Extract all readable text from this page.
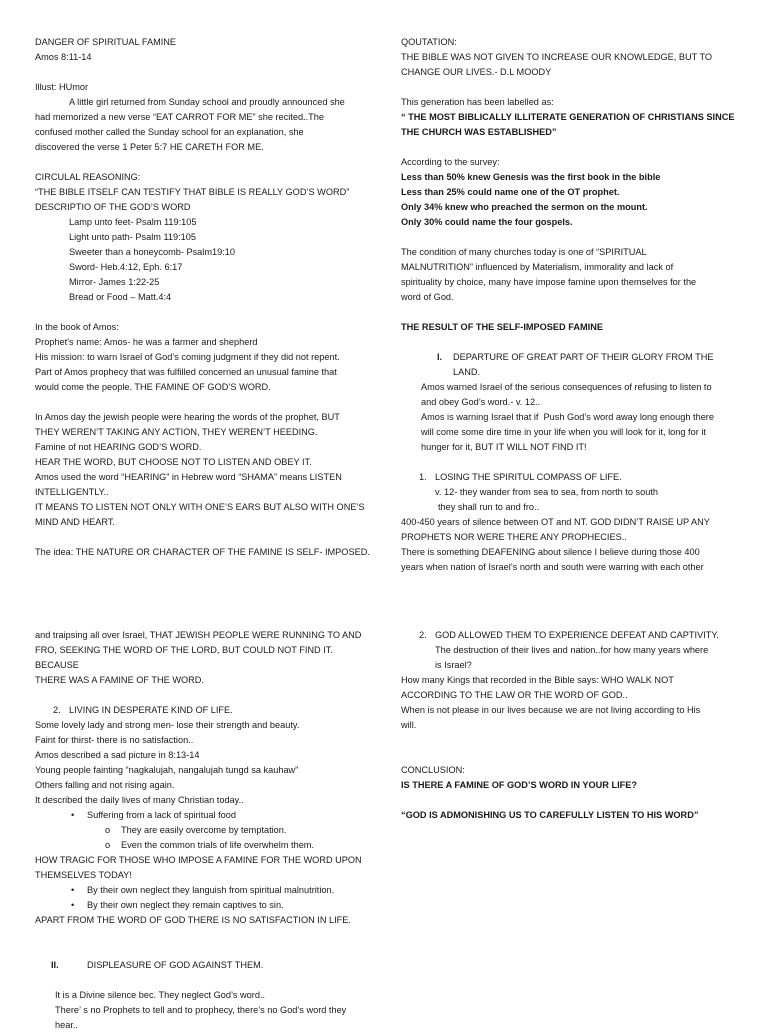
DANGER OF SPIRITUAL FAMINE

Amos 8:11-14

Illust: HUmor

A little girl returned from Sunday school and proudly announced she

had memorized a new verse “EAT CARROT FOR ME” she recited..The

confused mother called the Sunday school for an explanation, she

discovered the verse 1 Peter 5:7 HE CARETH FOR ME.

CIRCULAL REASONING:

“THE BIBLE ITSELF CAN TESTIFY THAT BIBLE IS REALLY GOD’S WORD”

DESCRIPTIO OF THE GOD’S WORD

Lamp unto feet- Psalm 119:105

Light unto path- Psalm 119:105

Sweeter than a honeycomb- Psalm19:10

Sword- Heb.4:12, Eph. 6:17

Mirror- James 1:22-25

Bread or Food – Matt.4:4

In the book of Amos:

Prophet’s name: Amos- he was a farmer and shepherd

His mission: to warn Israel of God’s coming judgment if they did not repent.

Part of Amos prophecy that was fulfilled concerned an unusual famine that

would come the people. THE FAMINE OF GOD’S WORD.

In Amos day the jewish people were hearing the words of the prophet, BUT

THEY WEREN’T TAKING ANY ACTION, THEY WEREN’T HEEDING.

Famine of not HEARING GOD’S WORD.

HEAR THE WORD, BUT CHOOSE NOT TO LISTEN AND OBEY IT.

Amos used the word “HEARING” in Hebrew word “SHAMA” means LISTEN

INTELLIGENTLY..

IT MEANS TO LISTEN NOT ONLY WITH ONE’S EARS BUT ALSO WITH ONE’S

MIND AND HEART.

The idea: THE NATURE OR CHARACTER OF THE FAMINE IS SELF- IMPOSED.

QOUTATION:

THE BIBLE WAS NOT GIVEN TO INCREASE OUR KNOWLEDGE, BUT TO

CHANGE OUR LIVES.- D.L MOODY

This generation has been labelled as:

“ THE MOST BIBLICALLY ILLITERATE GENERATION OF CHRISTIANS SINCE

THE CHURCH WAS ESTABLISHED”

According to the survey:

Less than 50% knew Genesis was the first book in the bible

Less than 25% could name one of the OT prophet.

Only 34% knew who preached the sermon on the mount.

Only 30% could name the four gospels.

The condition of many churches today is one of “SPIRITUAL

MALNUTRITION” influenced by Materialism, immorality and lack of

spirituality by choice, many have impose famine upon themselves for the

word of God.

THE RESULT OF THE SELF-IMPOSED FAMINE

I. DEPARTURE OF GREAT PART OF THEIR GLORY FROM THE LAND.

Amos warned Israel of the serious consequences of refusing to listen to

and obey God’s word.- v. 12..

Amos is warning Israel that if  Push God’s word away long enough there

will come some dire time in your life when you will look for it, long for it

hunger for it, BUT IT WILL NOT FIND IT!

1. LOSING THE SPIRITUL COMPASS OF LIFE.

v. 12- they wander from sea to sea, from north to south

they shall run to and fro..

400-450 years of silence between OT and NT. GOD DIDN’T RAISE UP ANY

PROPHETS NOR WERE THERE ANY PROPHECIES..

There is something DEAFENING about silence I believe during those 400

years when nation of Israel’s north and south were warring with each other

and traipsing all over Israel, THAT JEWISH PEOPLE WERE RUNNING TO AND

FRO, SEEKING THE WORD OF THE LORD, BUT COULD NOT FIND IT. BECAUSE

THERE WAS A FAMINE OF THE WORD.

2. LIVING IN DESPERATE KIND OF LIFE.

Some lovely lady and strong men- lose their strength and beauty.

Faint for thirst- there is no satisfaction..

Amos described a sad picture in 8:13-14

Young people fainting “nagkalujah, nangalujah tungd sa kauhaw”

Others falling and not rising again.

It described the daily lives of many Christian today..

• Suffering from a lack of spiritual food

o They are easily overcome by temptation.

o Even the common trials of life overwhelm them.

HOW TRAGIC FOR THOSE WHO IMPOSE A FAMINE FOR THE WORD UPON

THEMSELVES TODAY!

• By their own neglect they languish from spiritual malnutrition.

• By their own neglect they remain captives to sin.

APART FROM THE WORD OF GOD THERE IS NO SATISFACTION IN LIFE.

II.	DISPLEASURE OF GOD AGAINST THEM.

It is a Divine silence bec. They neglect God’s word..

There’ s no Prophets to tell and to prophecy, there’s no God’s word they

hear..

2. GOD ALLOWED THEM TO EXPERIENCE DEFEAT AND CAPTIVITY.

The destruction of their lives and nation..for how many years where

is Israel?

How many Kings that recorded in the Bible says: WHO WALK NOT

ACCORDING TO THE LAW OR THE WORD OF GOD..

When is not please in our lives because we are not living according to His

will.

CONCLUSION:

IS THERE A FAMINE OF GOD’S WORD IN YOUR LIFE?

“GOD IS ADMONISHING US TO CAREFULLY LISTEN TO HIS WORD”
